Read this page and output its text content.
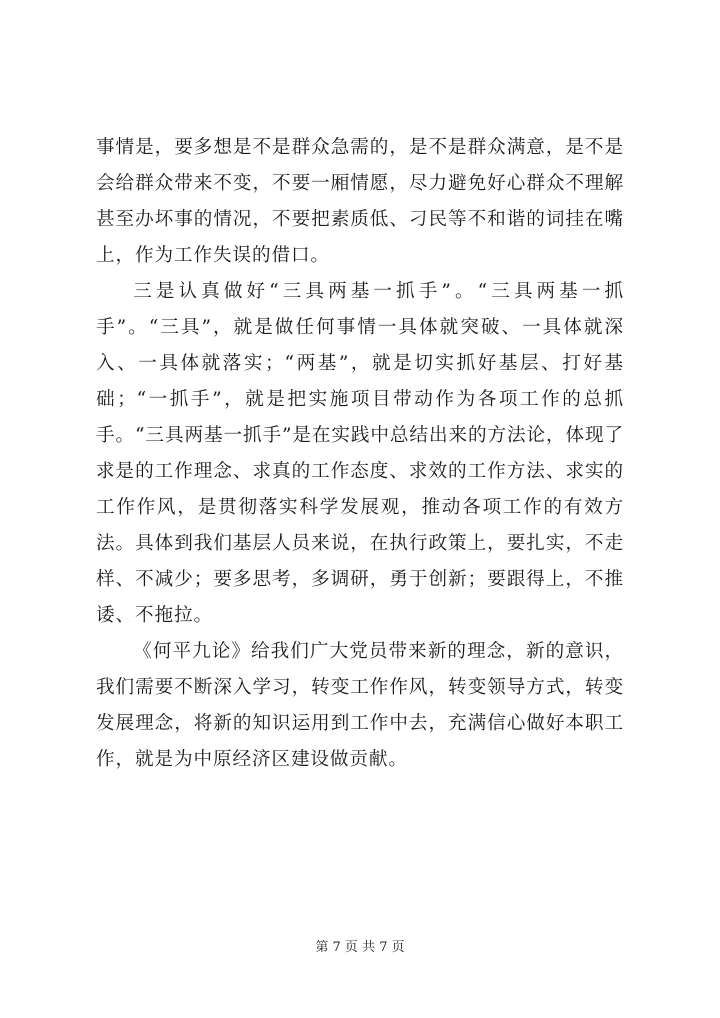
事情是，要多想是不是群众急需的，是不是群众满意，是不是会给群众带来不变，不要一厢情愿，尽力避免好心群众不理解甚至办坏事的情况，不要把素质低、刁民等不和谐的词挂在嘴上，作为工作失误的借口。

三是认真做好“三具两基一抓手”。“三具两基一抓手”。“三具”，就是做任何事情一具体就突破、一具体就深入、一具体就落实；“两基”，就是切实抓好基层、打好基础；“一抓手”，就是把实施项目带动作为各项工作的总抓手。“三具两基一抓手”是在实践中总结出来的方法论，体现了求是的工作理念、求真的工作态度、求效的工作方法、求实的工作作风，是贯彻落实科学发展观，推动各项工作的有效方法。具体到我们基层人员来说，在执行政策上，要扎实，不走样、不减少；要多思考，多调研，勇于创新；要跟得上，不推诿、不拖拉。

《何平九论》给我们广大党员带来新的理念，新的意识，我们需要不断深入学习，转变工作作风，转变领导方式，转变发展理念，将新的知识运用到工作中去，充满信心做好本职工作，就是为中原经济区建设做贡献。

第 7 页 共 7 页
